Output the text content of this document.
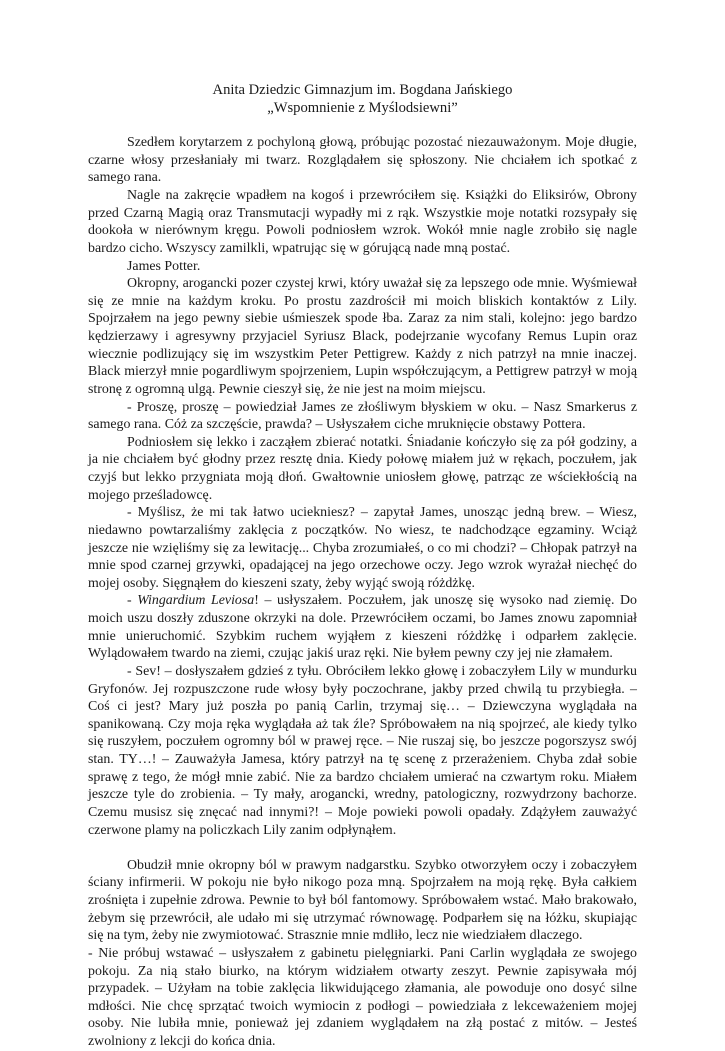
Anita Dziedzic Gimnazjum im. Bogdana Jańskiego
„Wspomnienie z Myślodsiewni”

Szedłem korytarzem z pochyloną głową, próbując pozostać niezauważonym. Moje długie, czarne włosy przesłaniały mi twarz. Rozglądałem się spłoszony. Nie chciałem ich spotkać z samego rana.

Nagle na zakręcie wpadłem na kogoś i przewróciłem się. Książki do Eliksirów, Obrony przed Czarną Magią oraz Transmutacji wypadły mi z rąk. Wszystkie moje notatki rozsypały się dookoła w nierównym kręgu. Powoli podniosłem wzrok. Wokół mnie nagle zrobiło się nagle bardzo cicho. Wszyscy zamilkli, wpatrując się w górującą nade mną postać.

James Potter.

Okropny, arogancki pozer czystej krwi, który uważał się za lepszego ode mnie. Wyśmiewał się ze mnie na każdym kroku. Po prostu zazdrościł mi moich bliskich kontaktów z Lily. Spojrzałem na jego pewny siebie uśmieszek spode łba. Zaraz za nim stali, kolejno: jego bardzo kędzierzawy i agresywny przyjaciel Syriusz Black, podejrzanie wycofany Remus Lupin oraz wiecznie podlizujący się im wszystkim Peter Pettigrew. Każdy z nich patrzył na mnie inaczej. Black mierzył mnie pogardliwym spojrzeniem, Lupin współczującym, a Pettigrew patrzył w moją stronę z ogromną ulgą. Pewnie cieszył się, że nie jest na moim miejscu.

- Proszę, proszę – powiedział James ze złośliwym błyskiem w oku. – Nasz Smarkerus z samego rana. Cóż za szczęście, prawda? – Usłyszałem ciche mruknięcie obstawy Pottera.

Podniosłem się lekko i zacząłem zbierać notatki. Śniadanie kończyło się za pół godziny, a ja nie chciałem być głodny przez resztę dnia. Kiedy połowę miałem już w rękach, poczułem, jak czyjś but lekko przygniata moją dłoń. Gwałtownie uniosłem głowę, patrząc ze wściekłością na mojego prześladowcę.

- Myślisz, że mi tak łatwo uciekniesz? – zapytał James, unosząc jedną brew. – Wiesz, niedawno powtarzaliśmy zaklęcia z początków. No wiesz, te nadchodzące egzaminy. Wciąż jeszcze nie wzięliśmy się za lewitację... Chyba zrozumiałeś, o co mi chodzi? – Chłopak patrzył na mnie spod czarnej grzywki, opadającej na jego orzechowe oczy. Jego wzrok wyrażał niechęć do mojej osoby. Sięgnąłem do kieszeni szaty, żeby wyjąć swoją różdżkę.

- Wingardium Leviosa! – usłyszałem. Poczułem, jak unoszę się wysoko nad ziemię. Do moich uszu doszły zduszone okrzyki na dole. Przewróciłem oczami, bo James znowu zapomniał mnie unieruchomić. Szybkim ruchem wyjąłem z kieszeni różdżkę i odparłem zaklęcie. Wylądowałem twardo na ziemi, czując jakiś uraz ręki. Nie byłem pewny czy jej nie złamałem.

- Sev! – dosłyszałem gdzieś z tyłu. Obróciłem lekko głowę i zobaczyłem Lily w mundurku Gryfonów. Jej rozpuszczone rude włosy były poczochrane, jakby przed chwilą tu przybiegła. – Coś ci jest? Mary już poszła po panią Carlin, trzymaj się… – Dziewczyna wyglądała na spanikowaną. Czy moja ręka wyglądała aż tak źle? Spróbowałem na nią spojrzeć, ale kiedy tylko się ruszyłem, poczułem ogromny ból w prawej ręce. – Nie ruszaj się, bo jeszcze pogorszysz swój stan. TY…! – Zauważyła Jamesa, który patrzył na tę scenę z przerażeniem. Chyba zdał sobie sprawę z tego, że mógł mnie zabić. Nie za bardzo chciałem umierać na czwartym roku. Miałem jeszcze tyle do zrobienia. – Ty mały, arogancki, wredny, patologiczny, rozwydrzony bachorze. Czemu musisz się znęcać nad innymi?! – Moje powieki powoli opadały. Zdążyłem zauważyć czerwone plamy na policzkach Lily zanim odpłynąłem.

Obudził mnie okropny ból w prawym nadgarstku. Szybko otworzyłem oczy i zobaczyłem ściany infirmerii. W pokoju nie było nikogo poza mną. Spojrzałem na moją rękę. Była całkiem zrośnięta i zupełnie zdrowa. Pewnie to był ból fantomowy. Spróbowałem wstać. Mało brakowało, żebym się przewrócił, ale udało mi się utrzymać równowagę. Podparłem się na łóżku, skupiając się na tym, żeby nie zwymiotować. Strasznie mnie mdliło, lecz nie wiedziałem dlaczego.

- Nie próbuj wstawać – usłyszałem z gabinetu pielęgniarki. Pani Carlin wyglądała ze swojego pokoju. Za nią stało biurko, na którym widziałem otwarty zeszyt. Pewnie zapisywała mój przypadek. – Użyłam na tobie zaklęcia likwidującego złamania, ale powoduje ono dosyć silne mdłości. Nie chcę sprzątać twoich wymiocin z podłogi – powiedziała z lekceważeniem mojej osoby. Nie lubiła mnie, ponieważ jej zdaniem wyglądałem na złą postać z mitów. – Jesteś zwolniony z lekcji do końca dnia.
